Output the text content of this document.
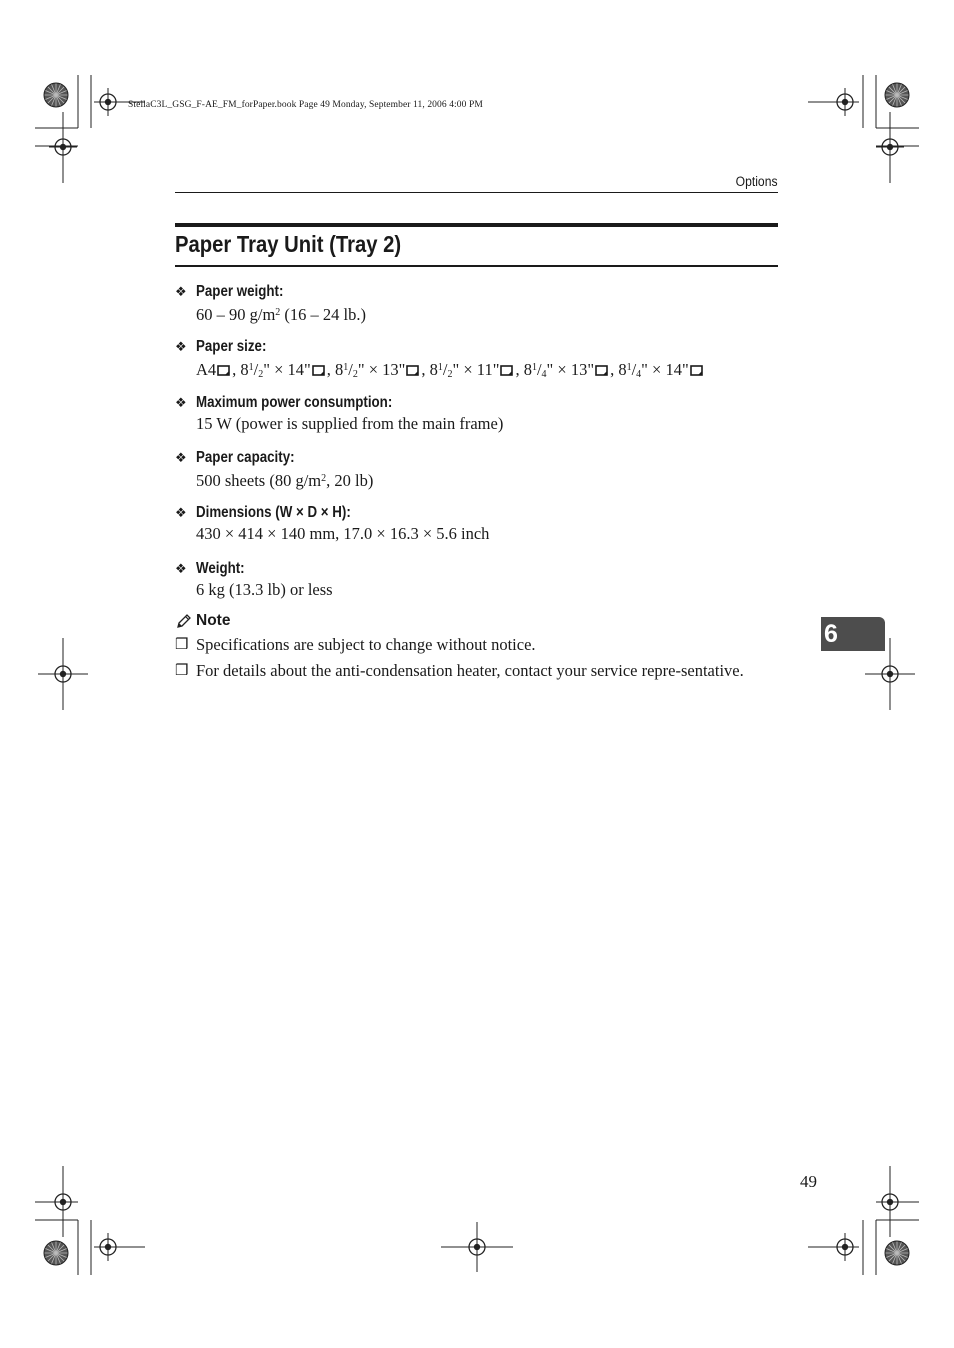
StellaC3L_GSG_F-AE_FM_forPaper.book Page 49 Monday, September 11, 2006 4:00 PM
Options
Paper Tray Unit (Tray 2)
❖ Paper weight:
60 – 90 $g/m^2$ (16 – 24 lb.)
❖ Paper size:
A4 , $8^1/_2$" × 14" , $8^1/_2$" × 13" , $8^1/_2$" × 11" , $8^1/_4$" × 13" , $8^1/_4$" × 14"
❖ Maximum power consumption:
15 W (power is supplied from the main frame)
❖ Paper capacity:
500 sheets (80 $g/m^2$, 20 lb)
❖ Dimensions (W × D × H):
430 × 414 × 140 mm, 17.0 × 16.3 × 5.6 inch
❖ Weight:
6 kg (13.3 lb) or less
Note
❒ Specifications are subject to change without notice.
❒ For details about the anti-condensation heater, contact your service repre-sentative.
6
49
